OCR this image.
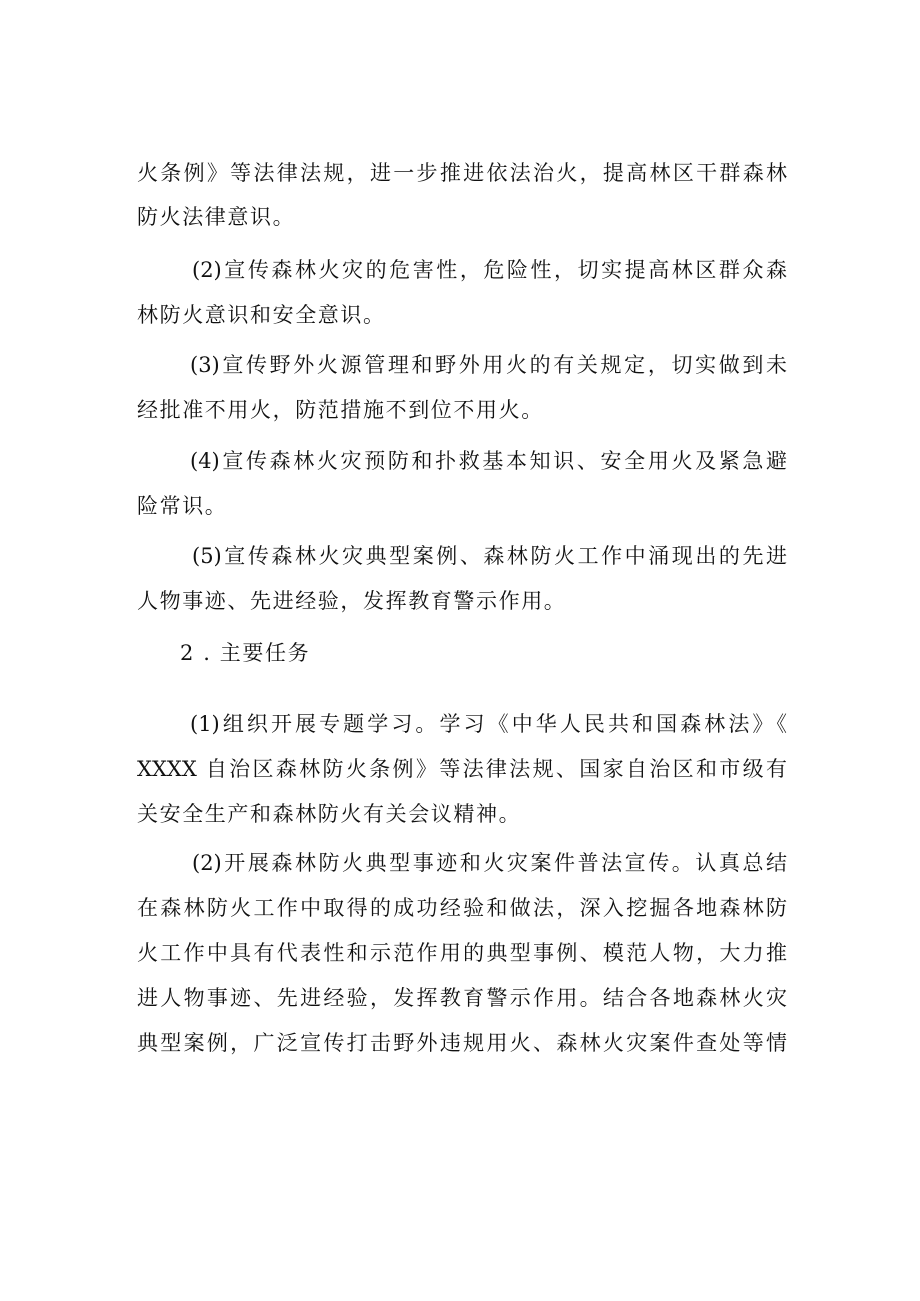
火条例》等法律法规，进一步推进依法治火，提高林区干群森林
防火法律意识。
(2)宣传森林火灾的危害性，危险性，切实提高林区群众森
林防火意识和安全意识。
(3)宣传野外火源管理和野外用火的有关规定，切实做到未
经批准不用火，防范措施不到位不用火。
(4)宣传森林火灾预防和扑救基本知识、安全用火及紧急避
险常识。
(5)宣传森林火灾典型案例、森林防火工作中涌现出的先进
人物事迹、先进经验，发挥教育警示作用。
2 . 主要任务
(1)组织开展专题学习。学习《中华人民共和国森林法》《
XXXX 自治区森林防火条例》等法律法规、国家自治区和市级有
关安全生产和森林防火有关会议精神。
(2)开展森林防火典型事迹和火灾案件普法宣传。认真总结
在森林防火工作中取得的成功经验和做法，深入挖掘各地森林防
火工作中具有代表性和示范作用的典型事例、模范人物，大力推
进人物事迹、先进经验，发挥教育警示作用。结合各地森林火灾
典型案例，广泛宣传打击野外违规用火、森林火灾案件查处等情
